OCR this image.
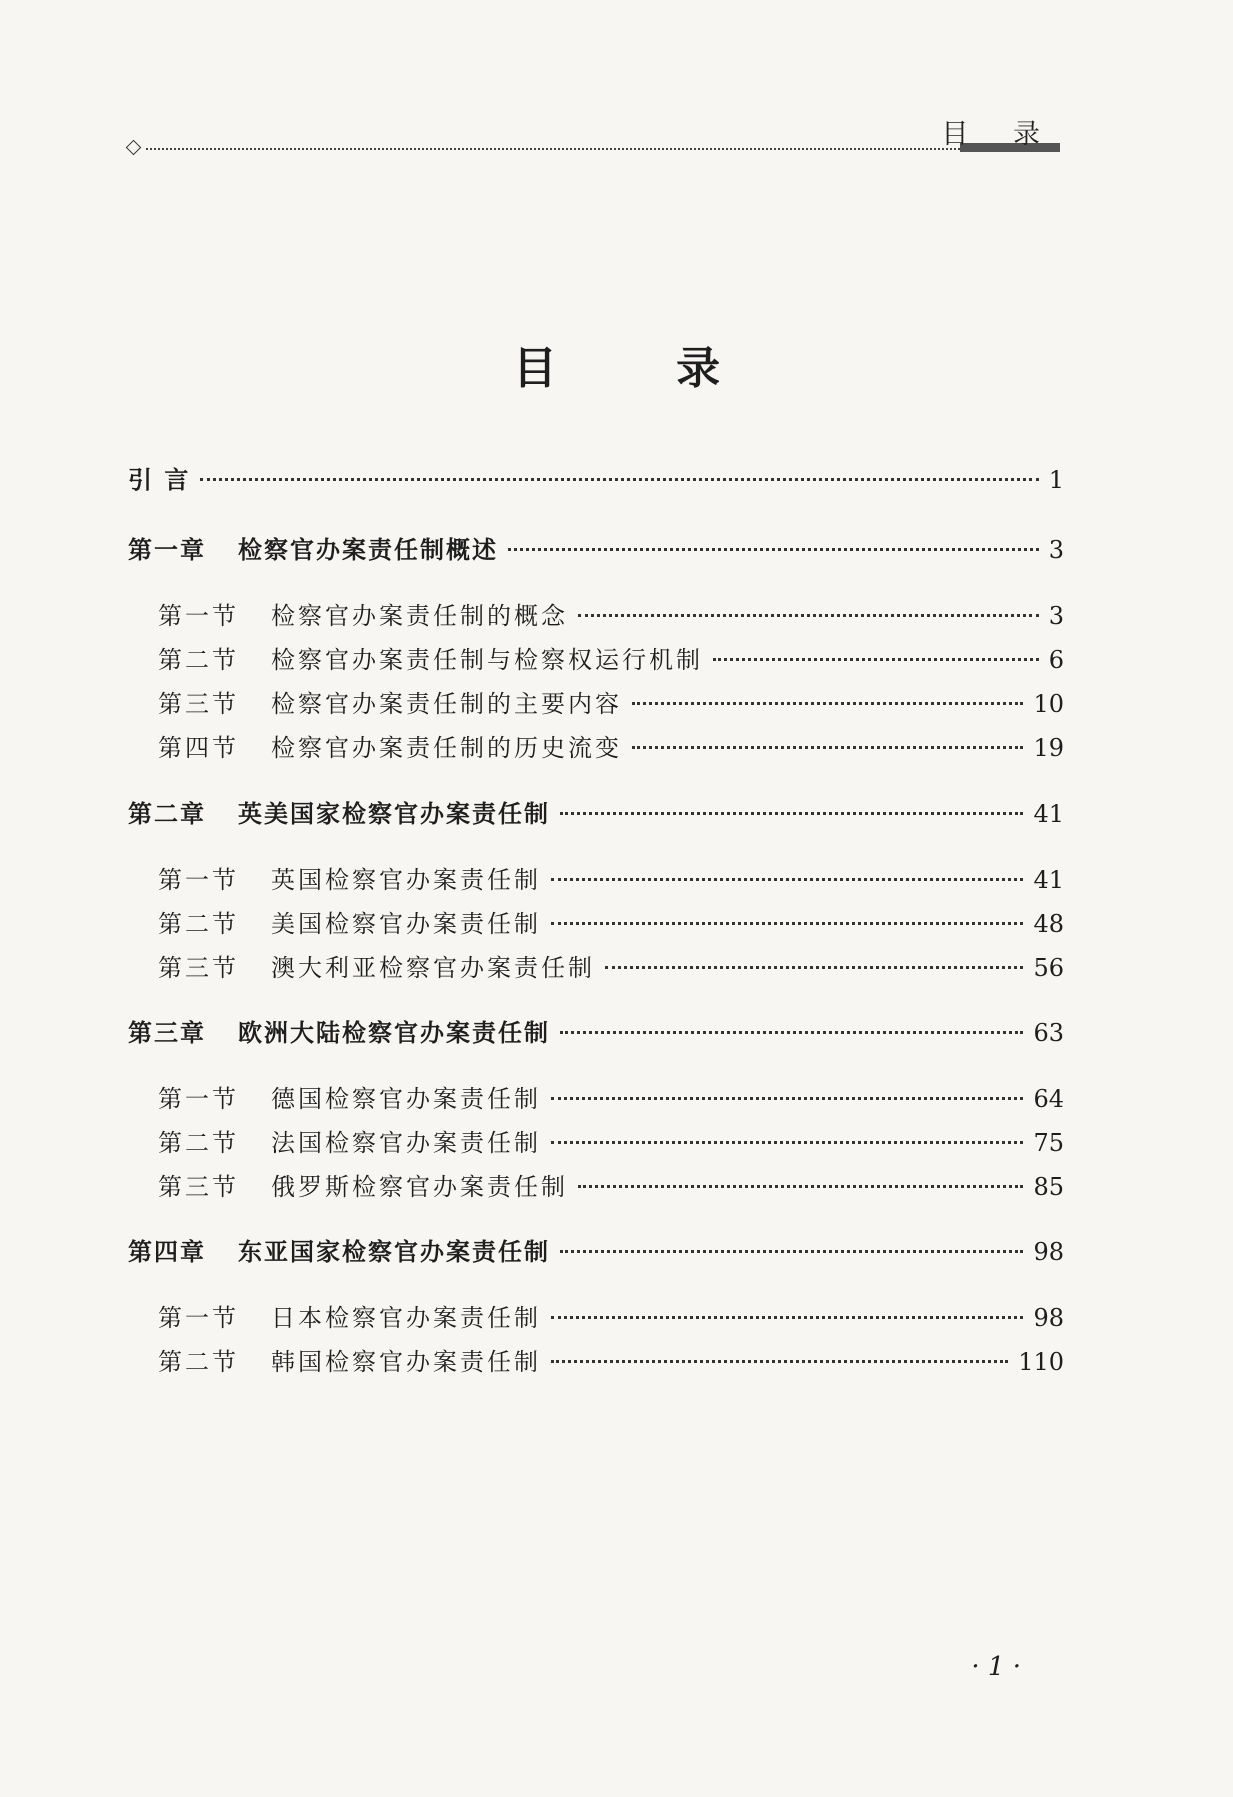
目 录
目 录
引 言	1
第一章 检察官办案责任制概述	3
第一节 检察官办案责任制的概念	3
第二节 检察官办案责任制与检察权运行机制	6
第三节 检察官办案责任制的主要内容	10
第四节 检察官办案责任制的历史流变	19
第二章 英美国家检察官办案责任制	41
第一节 英国检察官办案责任制	41
第二节 美国检察官办案责任制	48
第三节 澳大利亚检察官办案责任制	56
第三章 欧洲大陆检察官办案责任制	63
第一节 德国检察官办案责任制	64
第二节 法国检察官办案责任制	75
第三节 俄罗斯检察官办案责任制	85
第四章 东亚国家检察官办案责任制	98
第一节 日本检察官办案责任制	98
第二节 韩国检察官办案责任制	110
· 1 ·
